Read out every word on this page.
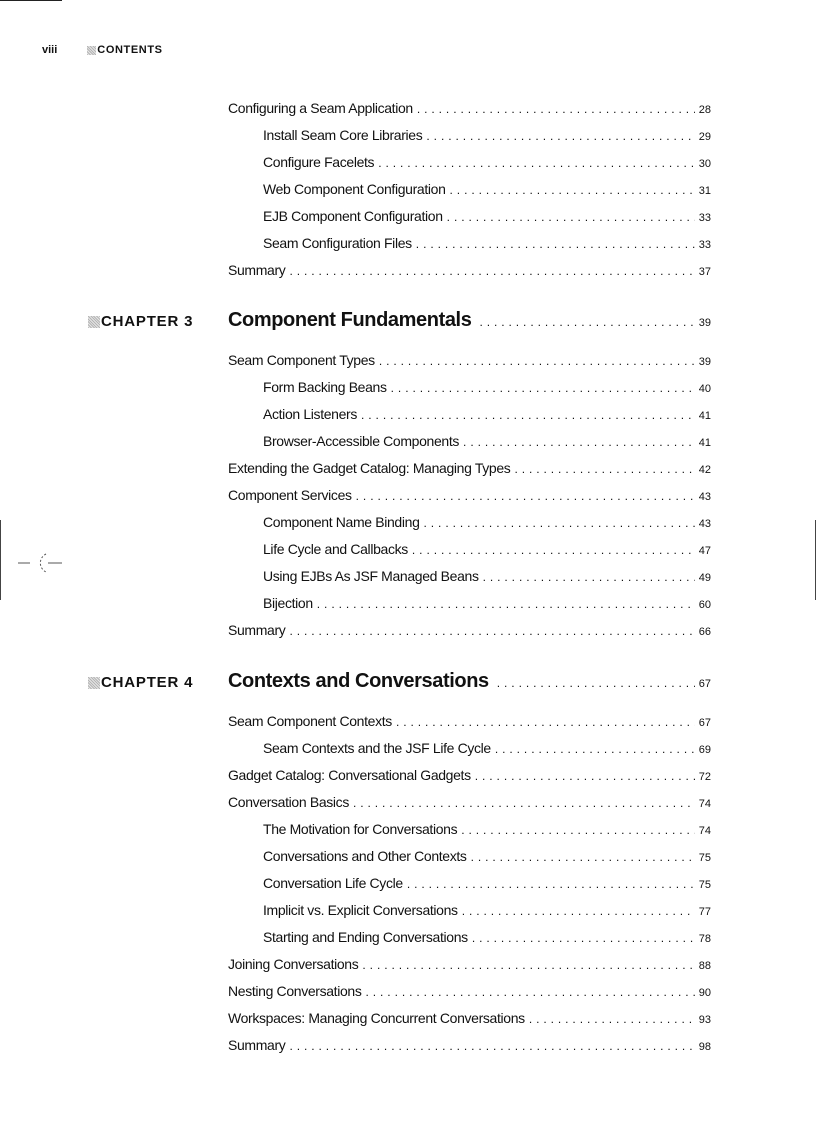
viii	CONTENTS
Configuring a Seam Application . . .	28
Install Seam Core Libraries . . .	29
Configure Facelets . . .	30
Web Component Configuration . . .	31
EJB Component Configuration . . .	33
Seam Configuration Files . . .	33
Summary . . .	37
CHAPTER 3 Component Fundamentals . . .	39
Seam Component Types . . .	39
Form Backing Beans . . .	40
Action Listeners . . .	41
Browser-Accessible Components . . .	41
Extending the Gadget Catalog: Managing Types . . .	42
Component Services . . .	43
Component Name Binding . . .	43
Life Cycle and Callbacks . . .	47
Using EJBs As JSF Managed Beans . . .	49
Bijection . . .	60
Summary . . .	66
CHAPTER 4 Contexts and Conversations . . .	67
Seam Component Contexts . . .	67
Seam Contexts and the JSF Life Cycle . . .	69
Gadget Catalog: Conversational Gadgets . . .	72
Conversation Basics . . .	74
The Motivation for Conversations . . .	74
Conversations and Other Contexts . . .	75
Conversation Life Cycle . . .	75
Implicit vs. Explicit Conversations . . .	77
Starting and Ending Conversations . . .	78
Joining Conversations . . .	88
Nesting Conversations . . .	90
Workspaces: Managing Concurrent Conversations . . .	93
Summary . . .	98
